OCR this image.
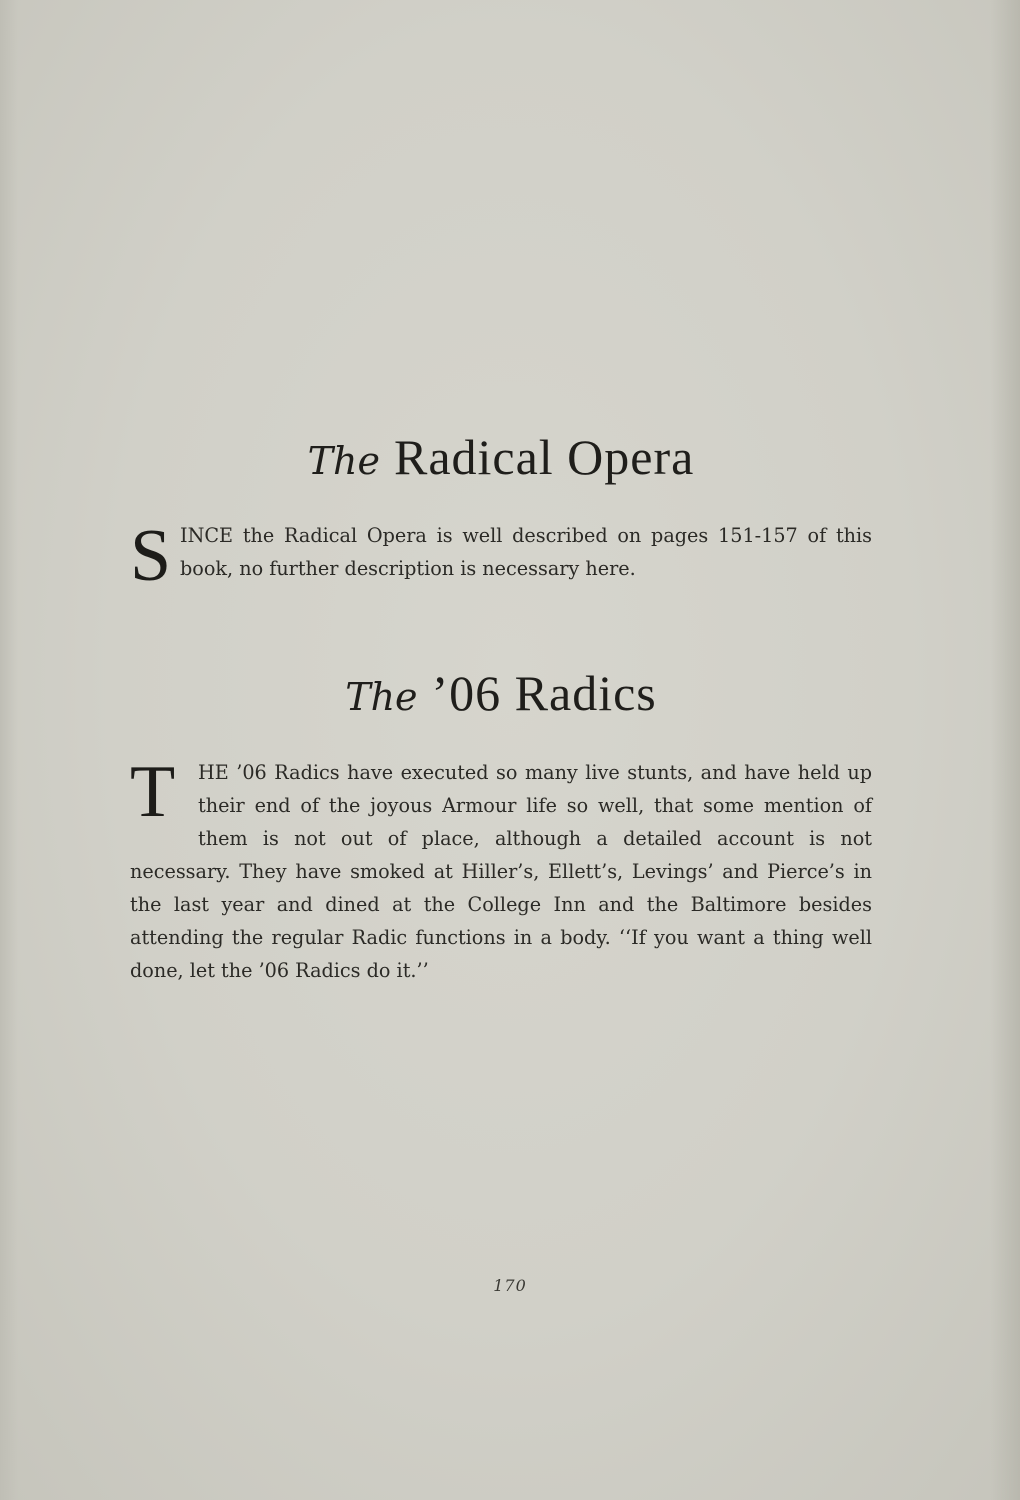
The Radical Opera

SINCE the Radical Opera is well described on pages 151-157 of this book, no further description is necessary here.

The ’06 Radics

T	HE ’06 Radics have executed so many live stunts, and have held up their end of the joyous Armour life so well, that some mention of them is not out of place, although a detailed account is not necessary. They have smoked at Hiller’s, Ellett’s, Levings’ and Pierce’s in the last year and dined at the College Inn and the Baltimore besides attending the regular Radic functions in a body. ‘‘If you want a thing well done, let the ’06 Radics do it.’’

170
